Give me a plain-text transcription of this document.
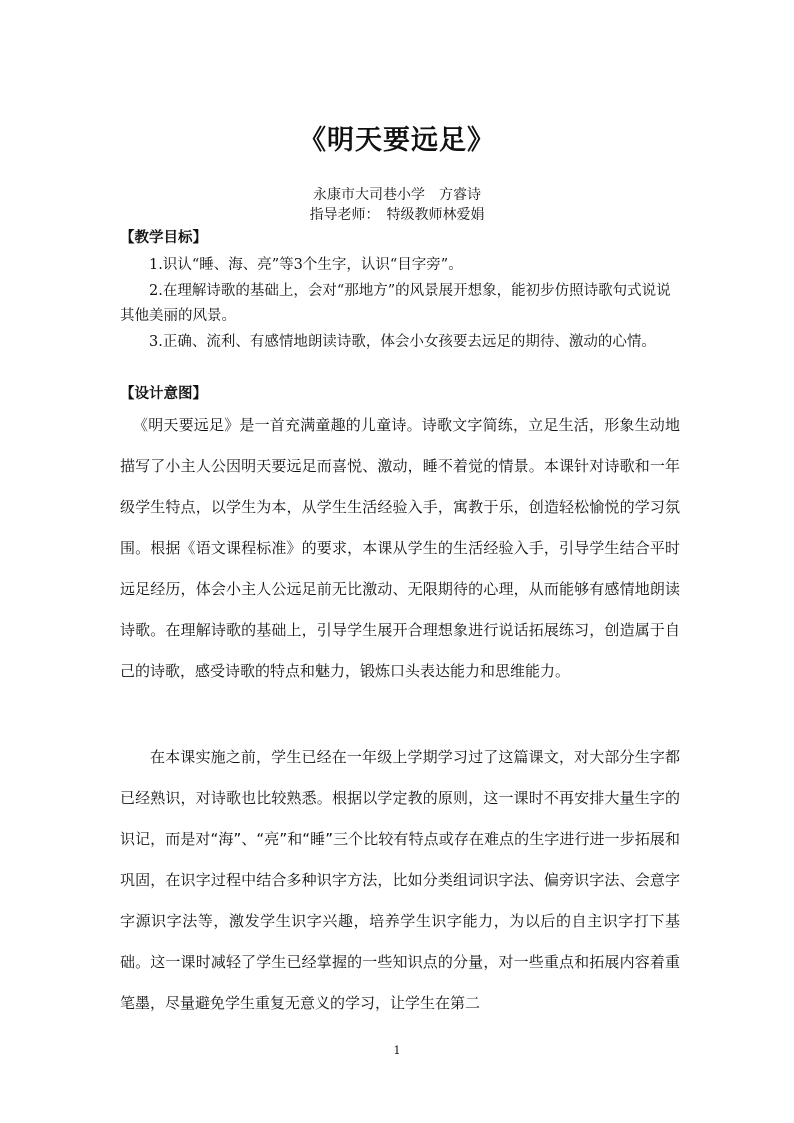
《明天要远足》
永康市大司巷小学　方睿诗
指导老师：　特级教师林爱娟
【教学目标】

1.识认“睡、海、亮”等3个生字，认识“目字旁”。

2.在理解诗歌的基础上，会对“那地方”的风景展开想象，能初步仿照诗歌句式说说其他美丽的风景。

3.正确、流利、有感情地朗读诗歌，体会小女孩要去远足的期待、激动的心情。

【设计意图】

《明天要远足》是一首充满童趣的儿童诗。诗歌文字简练，立足生活，形象生动地描写了小主人公因明天要远足而喜悦、激动，睡不着觉的情景。本课针对诗歌和一年级学生特点，以学生为本，从学生生活经验入手，寓教于乐，创造轻松愉悦的学习氛围。根据《语文课程标准》的要求，本课从学生的生活经验入手，引导学生结合平时远足经历，体会小主人公远足前无比激动、无限期待的心理，从而能够有感情地朗读诗歌。在理解诗歌的基础上，引导学生展开合理想象进行说话拓展练习，创造属于自己的诗歌，感受诗歌的特点和魅力，锻炼口头表达能力和思维能力。

在本课实施之前，学生已经在一年级上学期学习过了这篇课文，对大部分生字都已经熟识，对诗歌也比较熟悉。根据以学定教的原则，这一课时不再安排大量生字的识记，而是对“海”、“亮”和“睡”三个比较有特点或存在难点的生字进行进一步拓展和巩固，在识字过程中结合多种识字方法，比如分类组词识字法、偏旁识字法、会意字字源识字法等，激发学生识字兴趣，培养学生识字能力，为以后的自主识字打下基础。这一课时减轻了学生已经掌握的一些知识点的分量，对一些重点和拓展内容着重笔墨，尽量避免学生重复无意义的学习，让学生在第二

1
